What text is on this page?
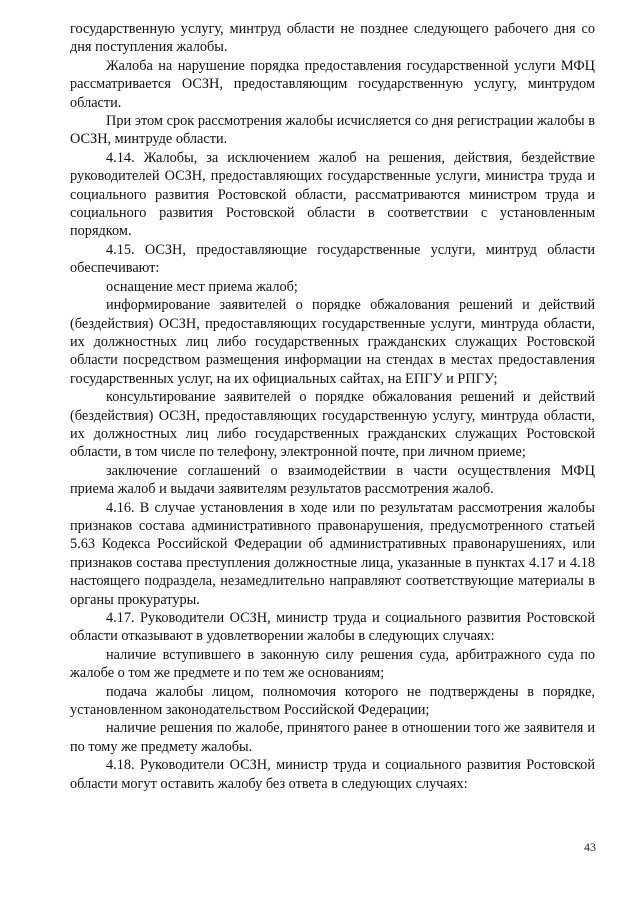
государственную услугу, минтруд области не позднее следующего рабочего дня со дня поступления жалобы.

Жалоба на нарушение порядка предоставления государственной услуги МФЦ рассматривается ОСЗН, предоставляющим государственную услугу, минтрудом области.

При этом срок рассмотрения жалобы исчисляется со дня регистрации жалобы в ОСЗН, минтруде области.

4.14. Жалобы, за исключением жалоб на решения, действия, бездействие руководителей ОСЗН, предоставляющих государственные услуги, министра труда и социального развития Ростовской области, рассматриваются министром труда и социального развития Ростовской области в соответствии с установленным порядком.

4.15. ОСЗН, предоставляющие государственные услуги, минтруд области обеспечивают:

оснащение мест приема жалоб;

информирование заявителей о порядке обжалования решений и действий (бездействия) ОСЗН, предоставляющих государственные услуги, минтруда области, их должностных лиц либо государственных гражданских служащих Ростовской области посредством размещения информации на стендах в местах предоставления государственных услуг, на их официальных сайтах, на ЕПГУ и РПГУ;

консультирование заявителей о порядке обжалования решений и действий (бездействия) ОСЗН, предоставляющих государственную услугу, минтруда области, их должностных лиц либо государственных гражданских служащих Ростовской области, в том числе по телефону, электронной почте, при личном приеме;

заключение соглашений о взаимодействии в части осуществления МФЦ приема жалоб и выдачи заявителям результатов рассмотрения жалоб.

4.16. В случае установления в ходе или по результатам рассмотрения жалобы признаков состава административного правонарушения, предусмотренного статьей 5.63 Кодекса Российской Федерации об административных правонарушениях, или признаков состава преступления должностные лица, указанные в пунктах 4.17 и 4.18 настоящего подраздела, незамедлительно направляют соответствующие материалы в органы прокуратуры.

4.17. Руководители ОСЗН, министр труда и социального развития Ростовской области отказывают в удовлетворении жалобы в следующих случаях:

наличие вступившего в законную силу решения суда, арбитражного суда по жалобе о том же предмете и по тем же основаниям;

подача жалобы лицом, полномочия которого не подтверждены в порядке, установленном законодательством Российской Федерации;

наличие решения по жалобе, принятого ранее в отношении того же заявителя и по тому же предмету жалобы.

4.18. Руководители ОСЗН, министр труда и социального развития Ростовской области могут оставить жалобу без ответа в следующих случаях:

43
